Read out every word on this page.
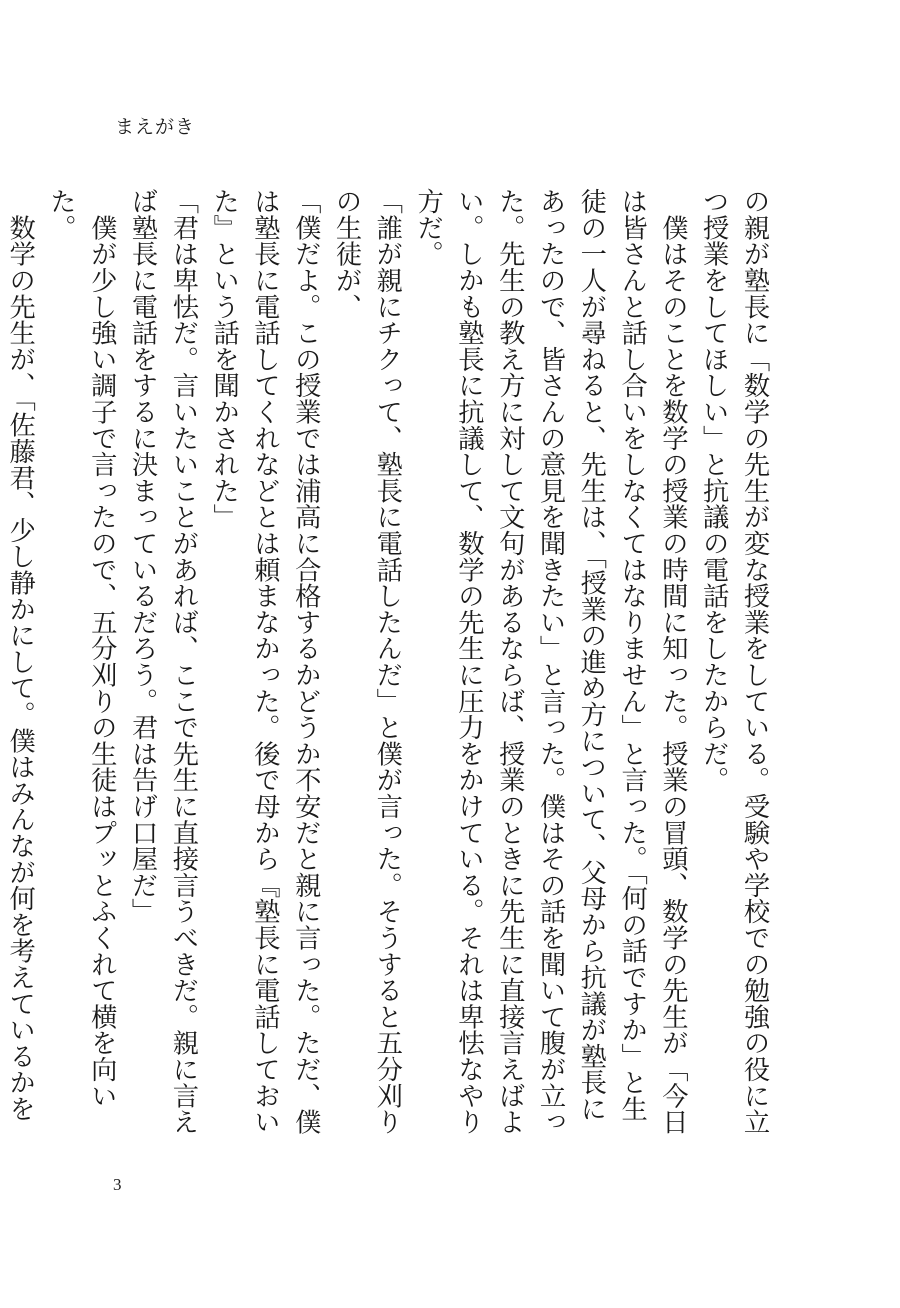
まえがき

の親が塾長に「数学の先生が変な授業をしている。受験や学校での勉強の役に立つ授業をしてほしい」と抗議の電話をしたからだ。

　僕はそのことを数学の授業の時間に知った。授業の冒頭、数学の先生が「今日は皆さんと話し合いをしなくてはなりません」と言った。「何の話ですか」と生徒の一人が尋ねると、先生は、「授業の進め方について、父母から抗議が塾長にあったので、皆さんの意見を聞きたい」と言った。僕はその話を聞いて腹が立った。先生の教え方に対して文句があるならば、授業のときに先生に直接言えばよい。しかも塾長に抗議して、数学の先生に圧力をかけている。それは卑怯なやり方だ。

「誰が親にチクって、塾長に電話したんだ」と僕が言った。そうすると五分刈りの生徒が、

「僕だよ。この授業では浦高に合格するかどうか不安だと親に言った。ただ、僕は塾長に電話してくれなどとは頼まなかった。後で母から『塾長に電話しておいた』という話を聞かされた」

「君は卑怯だ。言いたいことがあれば、ここで先生に直接言うべきだ。親に言えば塾長に電話をするに決まっているだろう。君は告げ口屋だ」

　僕が少し強い調子で言ったので、五分刈りの生徒はプッとふくれて横を向いた。

　数学の先生が、「佐藤君、少し静かにして。僕はみんなが何を考えているかを

3
